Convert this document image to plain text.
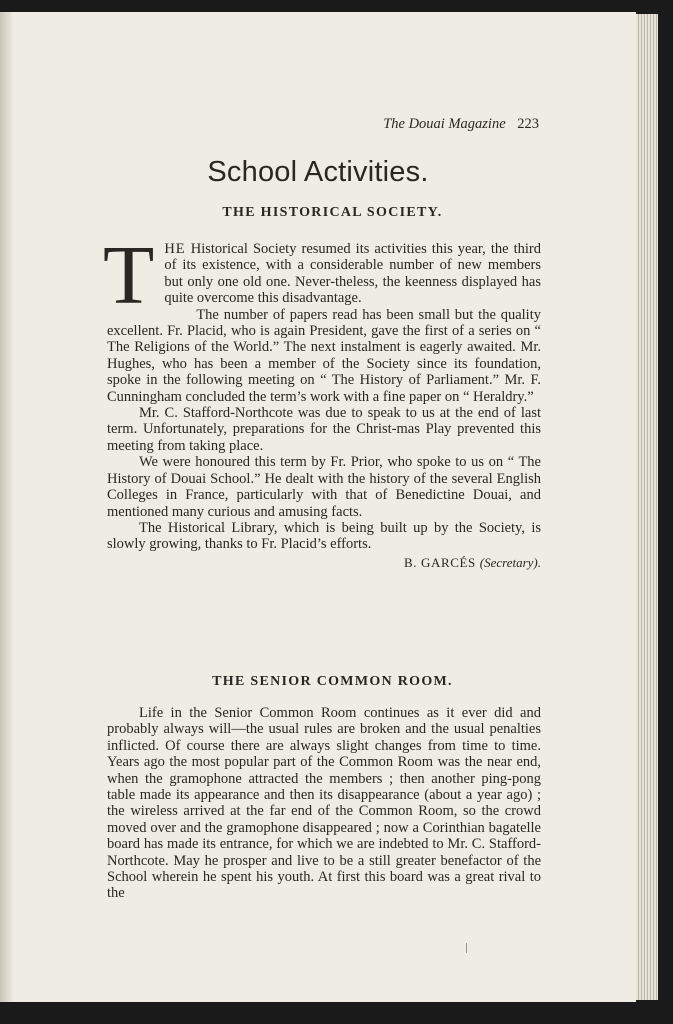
The Douai Magazine 223
School Activities.
THE HISTORICAL SOCIETY.

THE Historical Society resumed its activities this year, the third of its existence, with a considerable number of new members but only one old one. Never-theless, the keenness displayed has quite overcome this disadvantage.

The number of papers read has been small but the quality excellent. Fr. Placid, who is again President, gave the first of a series on “ The Religions of the World.” The next instalment is eagerly awaited. Mr. Hughes, who has been a member of the Society since its foundation, spoke in the following meeting on “ The History of Parliament.” Mr. F. Cunningham concluded the term’s work with a fine paper on “ Heraldry.”

Mr. C. Stafford-Northcote was due to speak to us at the end of last term. Unfortunately, preparations for the Christ-mas Play prevented this meeting from taking place.

We were honoured this term by Fr. Prior, who spoke to us on “ The History of Douai School.” He dealt with the history of the several English Colleges in France, particularly with that of Benedictine Douai, and mentioned many curious and amusing facts.

The Historical Library, which is being built up by the Society, is slowly growing, thanks to Fr. Placid’s efforts.

B. GARCÉS (Secretary).
THE SENIOR COMMON ROOM.

Life in the Senior Common Room continues as it ever did and probably always will—the usual rules are broken and the usual penalties inflicted. Of course there are always slight changes from time to time. Years ago the most popular part of the Common Room was the near end, when the gramophone attracted the members ; then another ping-pong table made its appearance and then its disappearance (about a year ago) ; the wireless arrived at the far end of the Common Room, so the crowd moved over and the gramophone disappeared ; now a Corinthian bagatelle board has made its entrance, for which we are indebted to Mr. C. Stafford-Northcote. May he prosper and live to be a still greater benefactor of the School wherein he spent his youth. At first this board was a great rival to the
